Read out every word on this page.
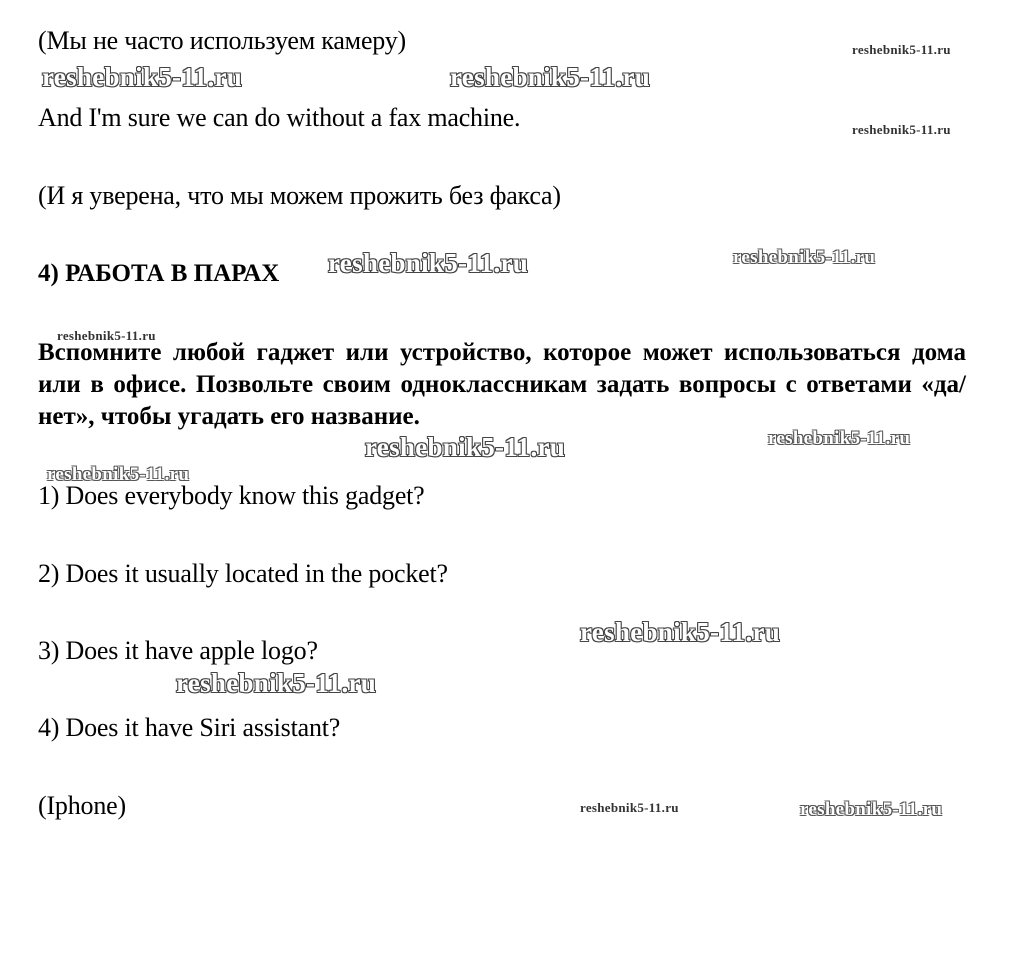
(Мы не часто используем камеру)
And I'm sure we can do without a fax machine.
(И я уверена, что мы можем прожить без факса)
4) РАБОТА В ПАРАХ
Вспомните любой гаджет или устройство, которое может использоваться дома или в офисе. Позвольте своим одноклассникам задать вопросы с ответами «да/нет», чтобы угадать его название.
1) Does everybody know this gadget?
2) Does it usually located in the pocket?
3) Does it have apple logo?
4) Does it have Siri assistant?
(Iphone)
reshebnik5-11.ru	reshebnik5-11.ru
reshebnik5-11.ru
reshebnik5-11.ru
reshebnik5-11.ru	reshebnik5-11.ru
reshebnik5-11.ru
reshebnik5-11.ru	reshebnik5-11.ru
reshebnik5-11.ru
reshebnik5-11.ru
reshebnik5-11.ru
reshebnik5-11.ru	reshebnik5-11.ru
